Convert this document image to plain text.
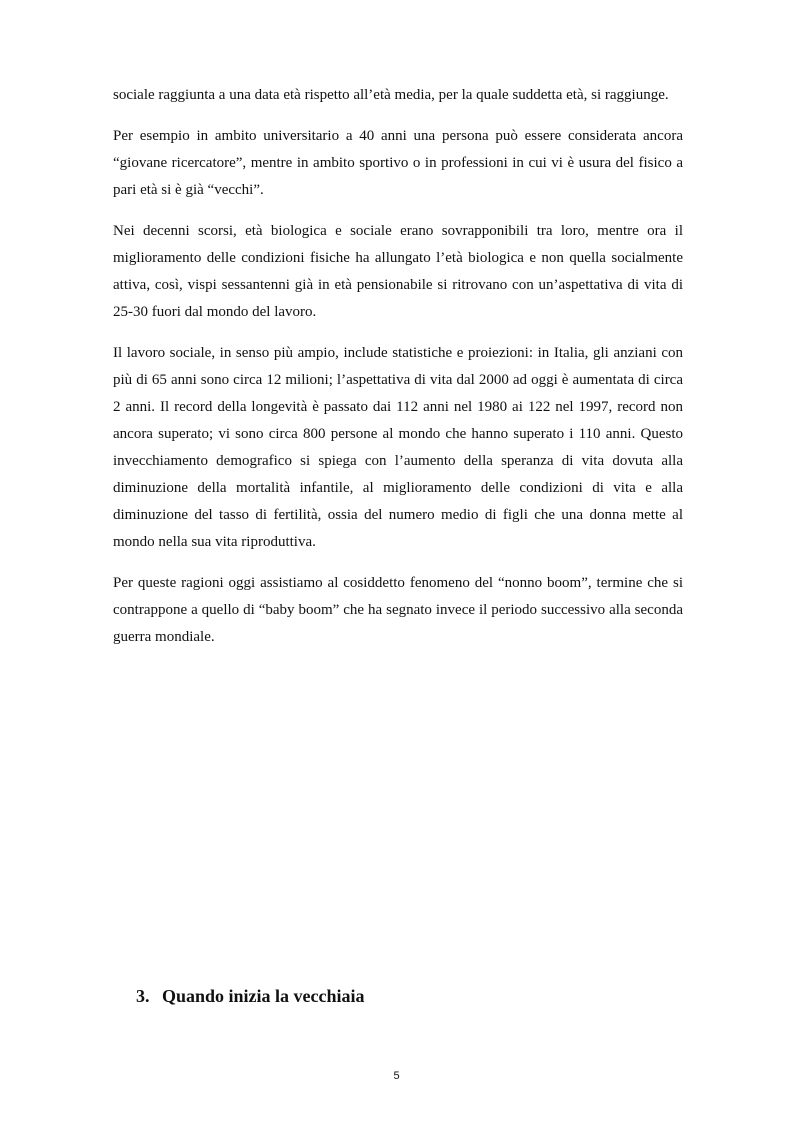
sociale raggiunta a una data età rispetto all’età media, per la quale suddetta età, si raggiunge.

Per esempio in ambito universitario a 40 anni una persona può essere considerata ancora “giovane ricercatore”, mentre in ambito sportivo o in professioni in cui vi è usura del fisico a pari età si è già “vecchi”.

Nei decenni scorsi, età biologica e sociale erano sovrapponibili tra loro, mentre ora il miglioramento delle condizioni fisiche ha allungato l’età biologica e non quella socialmente attiva, così, vispi sessantenni già in età pensionabile si ritrovano con un’aspettativa di vita di 25-30 fuori dal mondo del lavoro.

Il lavoro sociale, in senso più ampio, include statistiche e proiezioni: in Italia, gli anziani con più di 65 anni sono circa 12 milioni; l’aspettativa di vita dal 2000 ad oggi è aumentata di circa 2 anni. Il record della longevità è passato dai 112 anni nel 1980 ai 122 nel 1997, record non ancora superato; vi sono circa 800 persone al mondo che hanno superato i 110 anni. Questo invecchiamento demografico si spiega con l’aumento della speranza di vita dovuta alla diminuzione della mortalità infantile, al miglioramento delle condizioni di vita e alla diminuzione del tasso di fertilità, ossia del numero medio di figli che una donna mette al mondo nella sua vita riproduttiva.

Per queste ragioni oggi assistiamo al cosiddetto fenomeno del “nonno boom”, termine che si contrappone a quello di “baby boom” che ha segnato invece il periodo successivo alla seconda guerra mondiale.

3. Quando inizia la vecchiaia
5
